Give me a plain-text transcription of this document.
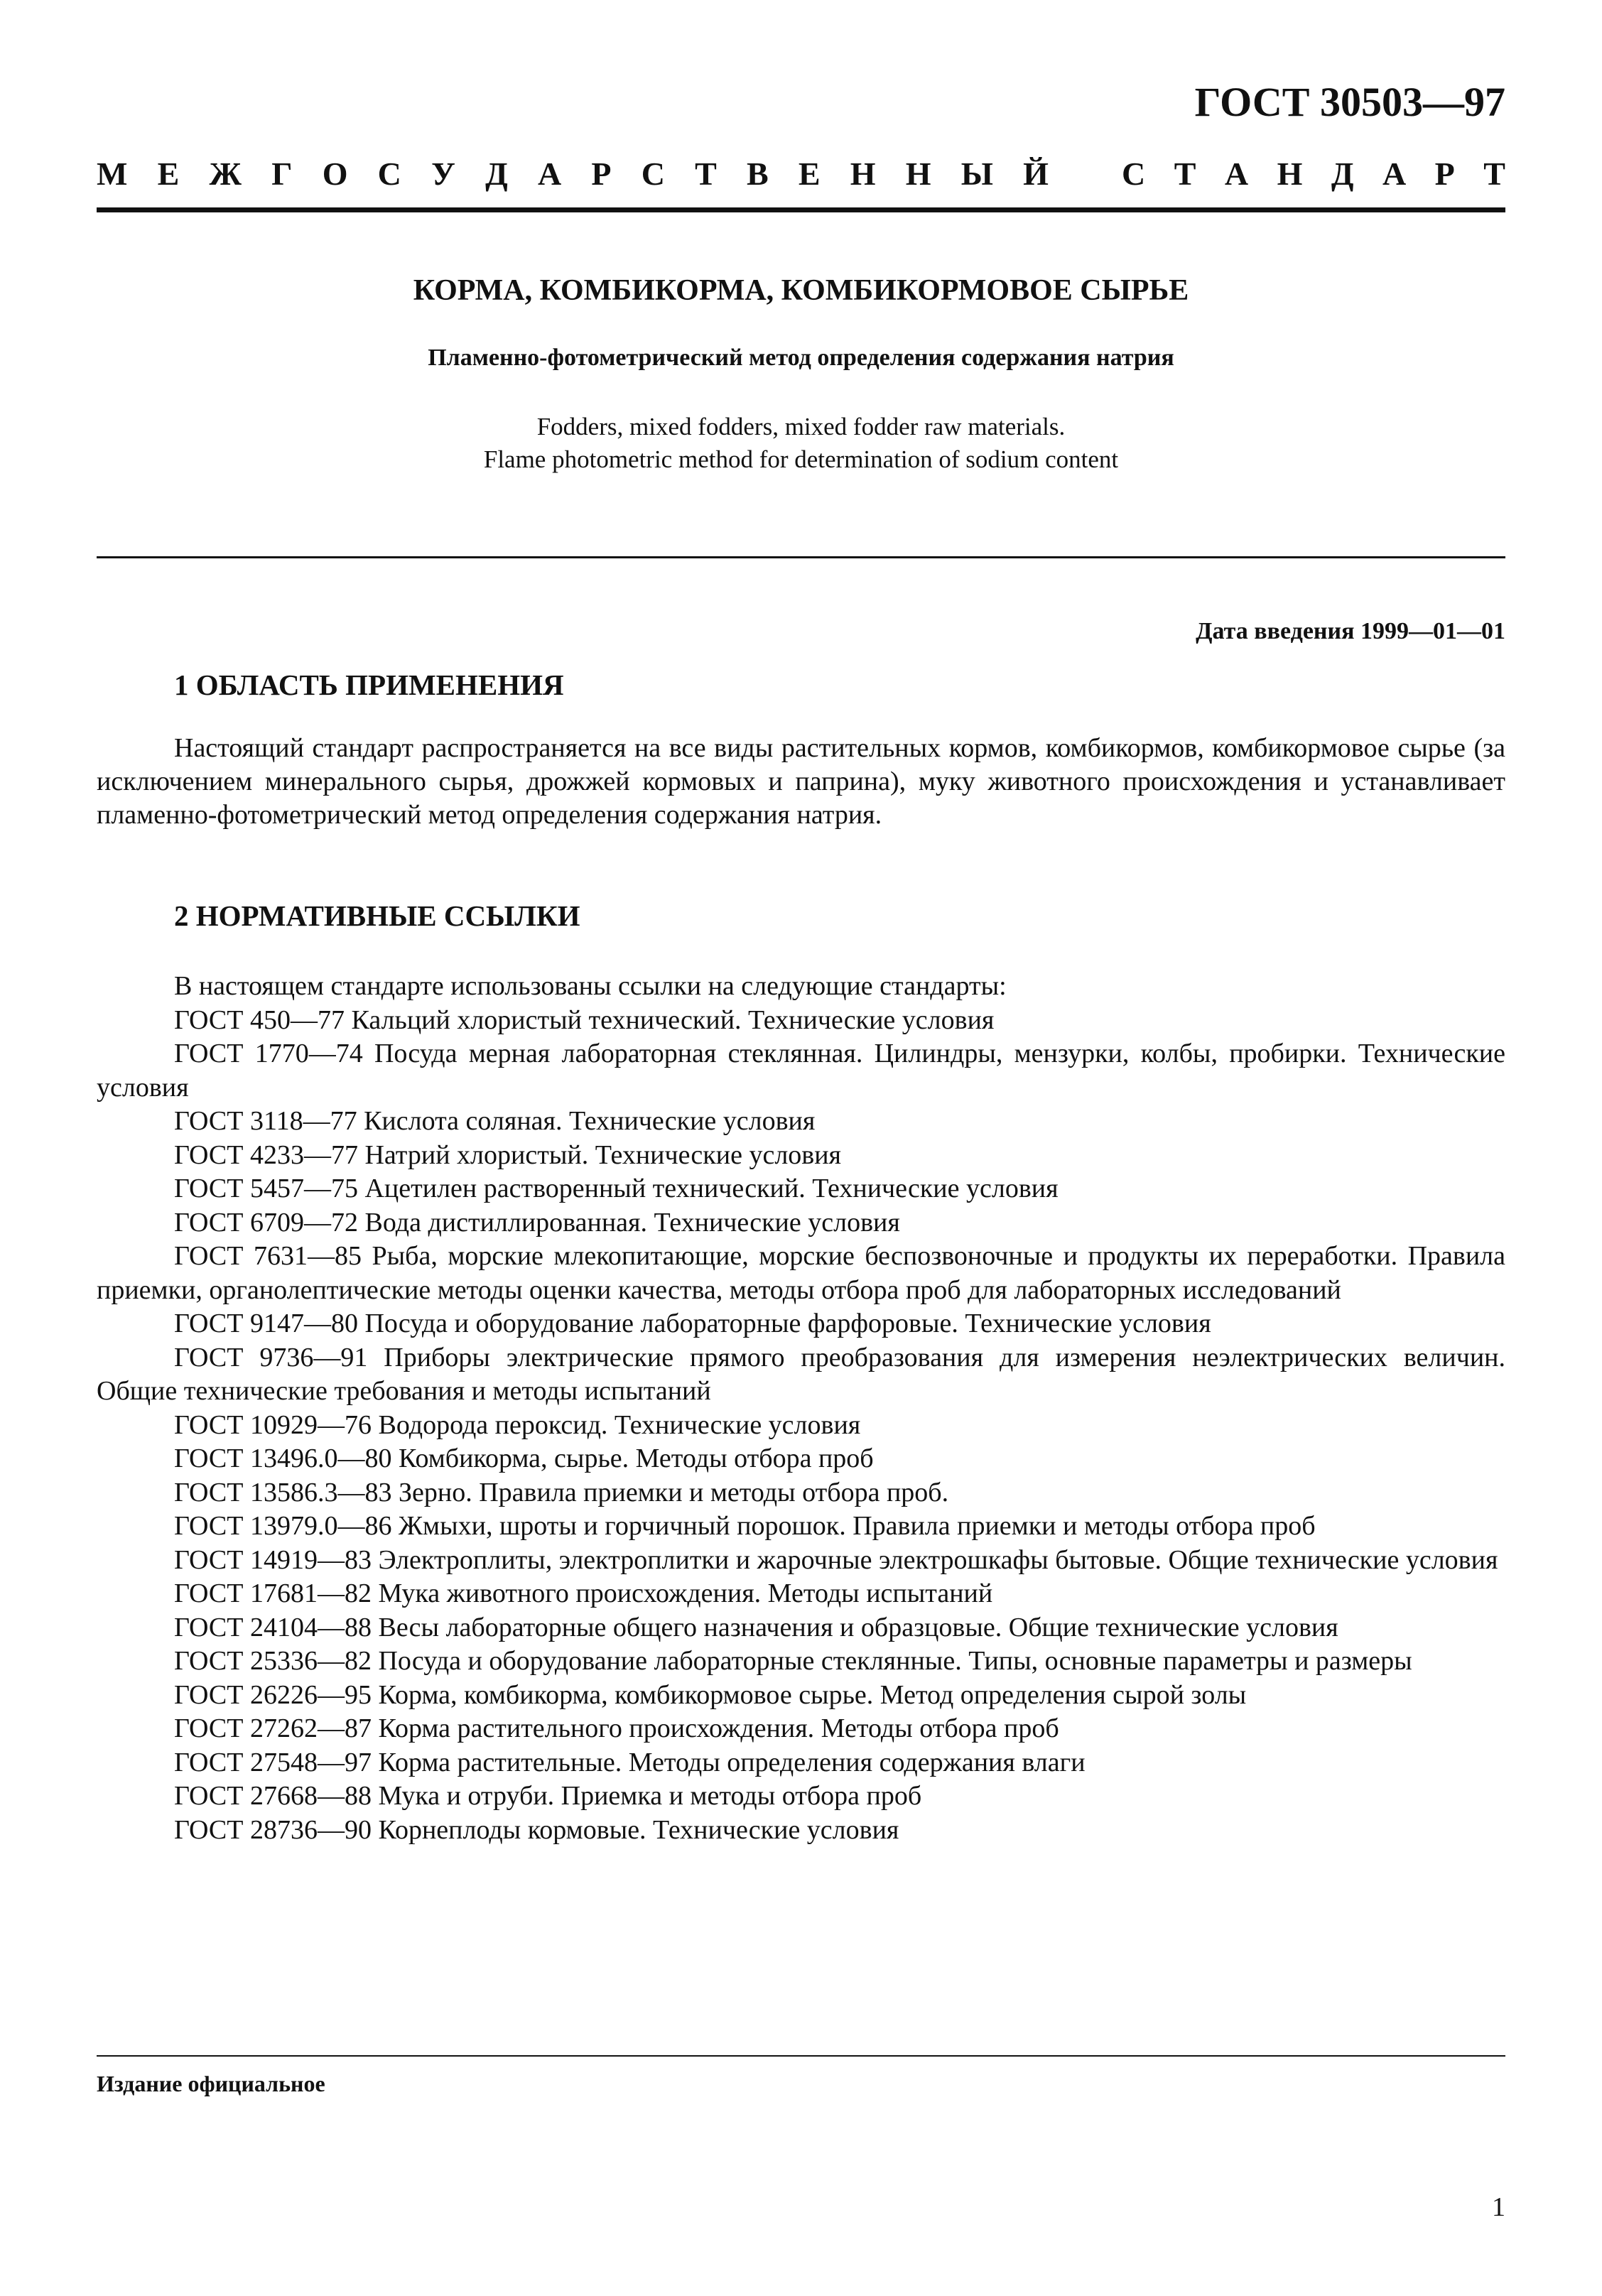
ГОСТ 30503—97
М Е Ж Г О С У Д А Р С Т В Е Н Н Ы Й С Т А Н Д А Р Т
КОРМА, КОМБИКОРМА, КОМБИКОРМОВОЕ СЫРЬЕ
Пламенно-фотометрический метод определения содержания натрия
Fodders, mixed fodders, mixed fodder raw materials.
Flame photometric method for determination of sodium content
Дата введения 1999—01—01
1 ОБЛАСТЬ ПРИМЕНЕНИЯ
Настоящий стандарт распространяется на все виды растительных кормов, комбикормов, комбикормовое сырье (за исключением минерального сырья, дрожжей кормовых и паприна), муку животного происхождения и устанавливает пламенно-фотометрический метод определения содержания натрия.
2 НОРМАТИВНЫЕ ССЫЛКИ
В настоящем стандарте использованы ссылки на следующие стандарты:
ГОСТ 450—77 Кальций хлористый технический. Технические условия
ГОСТ 1770—74 Посуда мерная лабораторная стеклянная. Цилиндры, мензурки, колбы, пробирки. Технические условия
ГОСТ 3118—77 Кислота соляная. Технические условия
ГОСТ 4233—77 Натрий хлористый. Технические условия
ГОСТ 5457—75 Ацетилен растворенный технический. Технические условия
ГОСТ 6709—72 Вода дистиллированная. Технические условия
ГОСТ 7631—85 Рыба, морские млекопитающие, морские беспозвоночные и продукты их переработки. Правила приемки, органолептические методы оценки качества, методы отбора проб для лабораторных исследований
ГОСТ 9147—80 Посуда и оборудование лабораторные фарфоровые. Технические условия
ГОСТ 9736—91 Приборы электрические прямого преобразования для измерения неэлектрических величин. Общие технические требования и методы испытаний
ГОСТ 10929—76 Водорода пероксид. Технические условия
ГОСТ 13496.0—80 Комбикорма, сырье. Методы отбора проб
ГОСТ 13586.3—83 Зерно. Правила приемки и методы отбора проб.
ГОСТ 13979.0—86 Жмыхи, шроты и горчичный порошок. Правила приемки и методы отбора проб
ГОСТ 14919—83 Электроплиты, электроплитки и жарочные электрошкафы бытовые. Общие технические условия
ГОСТ 17681—82 Мука животного происхождения. Методы испытаний
ГОСТ 24104—88 Весы лабораторные общего назначения и образцовые. Общие технические условия
ГОСТ 25336—82 Посуда и оборудование лабораторные стеклянные. Типы, основные параметры и размеры
ГОСТ 26226—95 Корма, комбикорма, комбикормовое сырье. Метод определения сырой золы
ГОСТ 27262—87 Корма растительного происхождения. Методы отбора проб
ГОСТ 27548—97 Корма растительные. Методы определения содержания влаги
ГОСТ 27668—88 Мука и отруби. Приемка и методы отбора проб
ГОСТ 28736—90 Корнеплоды кормовые. Технические условия
Издание официальное
1
